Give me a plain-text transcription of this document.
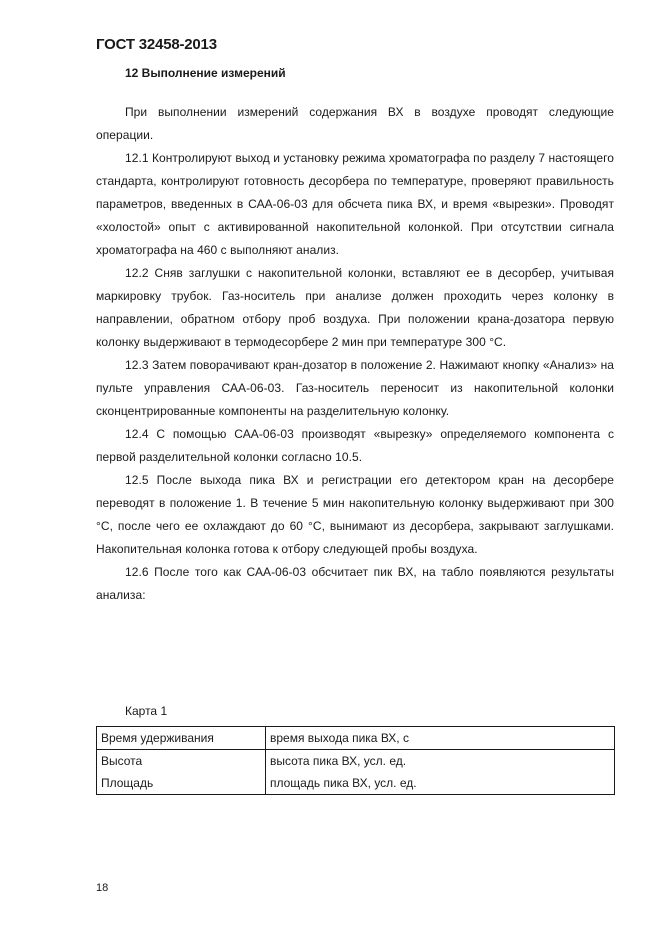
ГОСТ 32458-2013
12 Выполнение измерений

При выполнении измерений содержания ВХ в воздухе проводят следующие операции.

12.1 Контролируют выход и установку режима хроматографа по разделу 7 настоящего стандарта, контролируют готовность десорбера по температуре, проверяют правильность параметров, введенных в САА-06-03 для обсчета пика ВХ, и время «вырезки». Проводят «холостой» опыт с активированной накопительной колонкой. При отсутствии сигнала хроматографа на 460 с выполняют анализ.

12.2 Сняв заглушки с накопительной колонки, вставляют ее в десорбер, учитывая маркировку трубок. Газ-носитель при анализе должен проходить через колонку в направлении, обратном отбору проб воздуха. При положении крана-дозатора первую колонку выдерживают в термодесорбере 2 мин при температуре 300 °С.

12.3 Затем поворачивают кран-дозатор в положение 2. Нажимают кнопку «Анализ» на пульте управления САА-06-03. Газ-носитель переносит из накопительной колонки сконцентрированные компоненты на разделительную колонку.

12.4 С помощью САА-06-03 производят «вырезку» определяемого компонента с первой разделительной колонки согласно 10.5.

12.5 После выхода пика ВХ и регистрации его детектором кран на десорбере переводят в положение 1. В течение 5 мин накопительную колонку выдерживают при 300 °С, после чего ее охлаждают до 60 °С, вынимают из десорбера, закрывают заглушками. Накопительная колонка готова к отбору следующей пробы воздуха.

12.6 После того как САА-06-03 обсчитает пик ВХ, на табло появляются результаты анализа:

Карта 1
Время удерживания	время выхода пика ВХ, с
Высота	высота пика ВХ, усл. ед.
Площадь	площадь пика ВХ, усл. ед.
18
